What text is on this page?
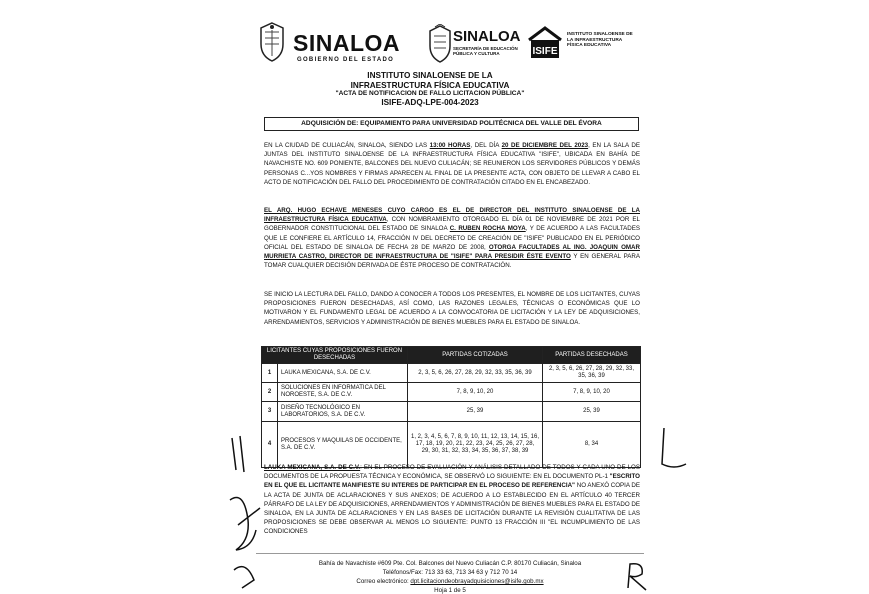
SINALOA
GOBIERNO DEL ESTADO
SINALOA
SECRETARÍA DE EDUCACIÓN PÚBLICA Y CULTURA	ISIFE
INSTITUTO SINALOENSE DE LA INFRAESTRUCTURA FÍSICA EDUCATIVA
INSTITUTO SINALOENSE DE LA
INFRAESTRUCTURA FÍSICA EDUCATIVA
"ACTA DE NOTIFICACION DE FALLO LICITACION PÚBLICA"
ISIFE-ADQ-LPE-004-2023
ADQUISICIÓN DE: EQUIPAMIENTO PARA UNIVERSIDAD POLITÉCNICA DEL VALLE DEL ÉVORA
EN LA CIUDAD DE CULIACÁN, SINALOA, SIENDO LAS 13:00 HORAS, DEL DÍA 20 DE DICIEMBRE DEL 2023, EN LA SALA DE JUNTAS DEL INSTITUTO SINALOENSE DE LA INFRAESTRUCTURA FÍSICA EDUCATIVA "ISIFE", UBICADA EN BAHÍA DE NAVACHISTE NO. 609 PONIENTE, BALCONES DEL NUEVO CULIACÁN; SE REUNIERON LOS SERVIDORES PÚBLICOS Y DEMÁS PERSONAS C...YOS NOMBRES Y FIRMAS APARECEN AL FINAL DE LA PRESENTE ACTA, CON OBJETO DE LLEVAR A CABO EL ACTO DE NOTIFICACIÓN DEL FALLO DEL PROCEDIMIENTO DE CONTRATACIÓN CITADO EN EL ENCABEZADO.
EL ARQ. HUGO ECHAVE MENESES CUYO CARGO ES EL DE DIRECTOR DEL INSTITUTO SINALOENSE DE LA INFRAESTRUCTURA FÍSICA EDUCATIVA, CON NOMBRAMIENTO OTORGADO EL DÍA 01 DE NOVIEMBRE DE 2021 POR EL GOBERNADOR CONSTITUCIONAL DEL ESTADO DE SINALOA C. RUBEN ROCHA MOYA, Y DE ACUERDO A LAS FACULTADES QUE LE CONFIERE EL ARTÍCULO 14, FRACCIÓN IV DEL DECRETO DE CREACIÓN DE "ISIFE" PUBLICADO EN EL PERIÓDICO OFICIAL DEL ESTADO DE SINALOA DE FECHA 28 DE MARZO DE 2008, OTORGA FACULTADES AL ING. JOAQUIN OMAR MURRIETA CASTRO, DIRECTOR DE INFRAESTRUCTURA DE "ISIFE" PARA PRESIDIR ÉSTE EVENTO Y EN GENERAL PARA TOMAR CUALQUIER DECISIÓN DERIVADA DE ÉSTE PROCESO DE CONTRATACIÓN.
SE INICIO LA LECTURA DEL FALLO, DANDO A CONOCER A TODOS LOS PRESENTES, EL NOMBRE DE LOS LICITANTES, CUYAS PROPOSICIONES FUERON DESECHADAS, ASÍ COMO, LAS RAZONES LEGALES, TÉCNICAS O ECONÓMICAS QUE LO MOTIVARON Y EL FUNDAMENTO LEGAL DE ACUERDO A LA CONVOCATORIA DE LICITACIÓN Y LA LEY DE ADQUISICIONES, ARRENDAMIENTOS, SERVICIOS Y ADMINISTRACIÓN DE BIENES MUEBLES PARA EL ESTADO DE SINALOA.
LICITANTES CUYAS PROPOSICIONES FUERON DESECHADAS		PARTIDAS COTIZADAS	PARTIDAS DESECHADAS
1	LAUKA MEXICANA, S.A. DE C.V.	2, 3, 5, 6, 26, 27, 28, 29, 32, 33, 35, 36, 39	2, 3, 5, 6, 26, 27, 28, 29, 32, 33, 35, 36, 39
2	SOLUCIONES EN INFORMATICA DEL NOROESTE, S.A. DE C.V.	7, 8, 9, 10, 20	7, 8, 9, 10, 20
3	DISEÑO TECNOLÓGICO EN LABORATORIOS, S.A. DE C.V.	25, 39	25, 39
4	PROCESOS Y MAQUILAS DE OCCIDENTE, S.A. DE C.V.	1, 2, 3, 4, 5, 6, 7, 8, 9, 10, 11, 12, 13, 14, 15, 16, 17, 18, 19, 20, 21, 22, 23, 24, 25, 26, 27, 28, 29, 30, 31, 32, 33, 34, 35, 36, 37, 38, 39	8, 34
LAUKA MEXICANA, S.A. DE C.V.: EN EL PROCESO DE EVALUACIÓN Y ANÁLISIS DETALLADO DE TODOS Y CADA UNO DE LOS DOCUMENTOS DE LA PROPUESTA TÉCNICA Y ECONÓMICA, SE OBSERVÓ LO SIGUIENTE: EN EL DOCUMENTO PL-1 "ESCRITO EN EL QUE EL LICITANTE MANIFIESTE SU INTERES DE PARTICIPAR EN EL PROCESO DE REFERENCIA" NO ANEXÓ COPIA DE LA ACTA DE JUNTA DE ACLARACIONES Y SUS ANEXOS; DE ACUERDO A LO ESTABLECIDO EN EL ARTÍCULO 40 TERCER PÁRRAFO DE LA LEY DE ADQUISICIONES, ARRENDAMIENTOS Y ADMINISTRACIÓN DE BIENES MUEBLES PARA EL ESTADO DE SINALOA, EN LA JUNTA DE ACLARACIONES Y EN LAS BASES DE LICITACIÓN DURANTE LA REVISIÓN CUALITATIVA DE LAS PROPOSICIONES SE DEBE OBSERVAR AL MENOS LO SIGUIENTE: PUNTO 13 FRACCIÓN III "EL INCUMPLIMIENTO DE LAS CONDICIONES
Bahía de Navachiste #609 Pte. Col. Balcones del Nuevo Culiacán C.P. 80170 Culiacán, Sinaloa
Teléfonos/Fax: 713 33 63, 713 34 63 y 712 70 14
Correo electrónico: dpt.licitaciondeobrayadquisiciones@isife.gob.mx
Hoja 1 de 5
